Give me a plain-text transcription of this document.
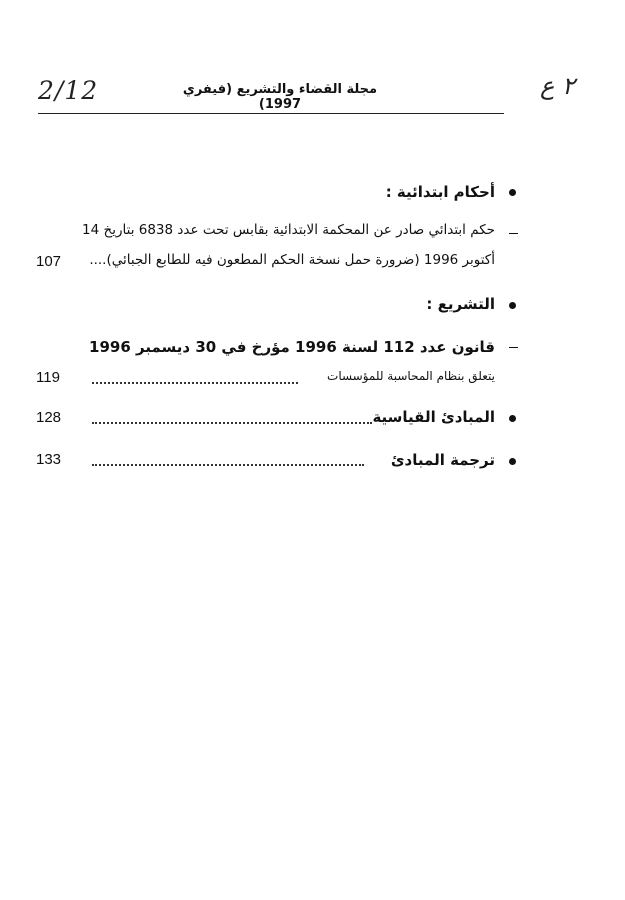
2/12	مجلة القضاء والتشريع (فيفري 1997)
٢ ع
أحكام ابتدائية :
حكم ابتدائي صادر عن المحكمة الابتدائية بقابس تحت عدد 6838 بتاريخ 14
أكتوبر 1996 (ضرورة حمل نسخة الحكم المطعون فيه للطابع الجبائي)....
107
التشريع :
قانون عدد 112 لسنة 1996 مؤرخ في 30 ديسمبر 1996
يتعلق بنظام المحاسبة للمؤسسات
119
المبادئ القياسية
128
ترجمة المبادئ
133
